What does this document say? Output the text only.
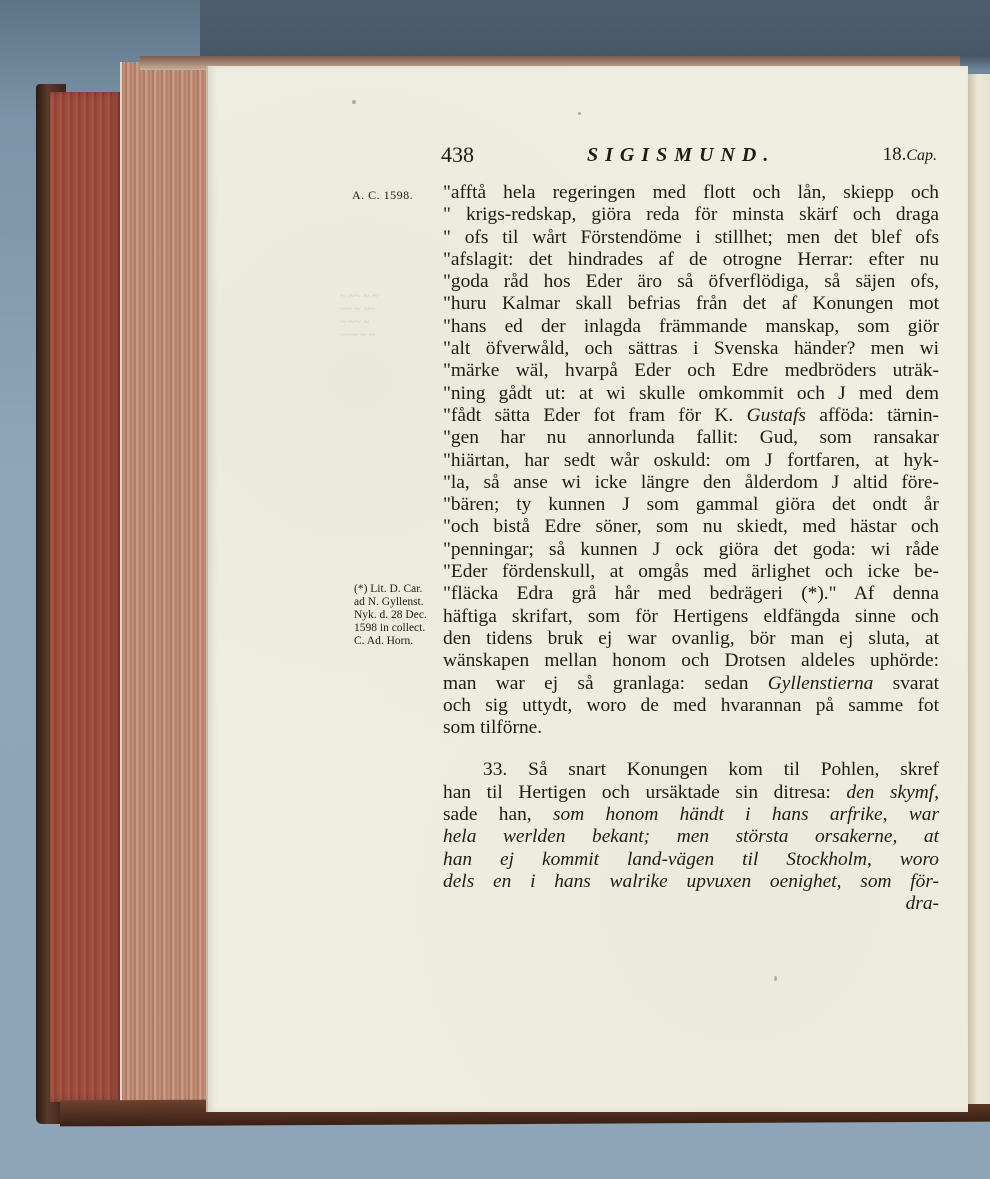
438	SIGISMUND.	18.Cap.
A. C. 1598.
~ ~~ ~ ~
~~ ~ ~~
~ ~~ ~
~~~ ~ ~
(*) Lit. D. Car.
ad N. Gyllenst.
Nyk. d. 28 Dec.
1598 in collect.
C. Ad. Horn.
"afftå hela regeringen med flott och lån, skiepp och
" krigs-redskap, giöra reda för minsta skärf och draga
" ofs til wårt Förstendöme i stillhet; men det blef ofs
"afslagit: det hindrades af de otrogne Herrar: efter nu
"goda råd hos Eder äro så öfverflödiga, så säjen ofs,
"huru Kalmar skall befrias från det af Konungen mot
"hans ed der inlagda främmande manskap, som giör
"alt öfverwåld, och sättras i Svenska händer? men wi
"märke wäl, hvarpå Eder och Edre medbröders uträk-
"ning gådt ut: at wi skulle omkommit och J med dem
"fådt sätta Eder fot fram för K. Gustafs afföda: tärnin-
"gen har nu annorlunda fallit: Gud, som ransakar
"hiärtan, har sedt wår oskuld: om J fortfaren, at hyk-
"la, så anse wi icke längre den ålderdom J altid före-
"bären; ty kunnen J som gammal giöra det ondt år
"och bistå Edre söner, som nu skiedt, med hästar och
"penningar; så kunnen J ock giöra det goda: wi råde
"Eder fördenskull, at omgås med ärlighet och icke be-
"fläcka Edra grå hår med bedrägeri (*)." Af denna
häftiga skrifart, som för Hertigens eldfängda sinne och
den tidens bruk ej war ovanlig, bör man ej sluta, at
wänskapen mellan honom och Drotsen aldeles uphörde:
man war ej så granlaga: sedan Gyllenstierna svarat
och sig uttydt, woro de med hvarannan på samme fot
som tilförne.
33. Så snart Konungen kom til Pohlen, skref
han til Hertigen och ursäktade sin ditresa: den skymf,
sade han, som honom händt i hans arfrike, war
hela werlden bekant; men största orsakerne, at
han ej kommit land-vägen til Stockholm, woro
dels en i hans walrike upvuxen oenighet, som för-
dra-
